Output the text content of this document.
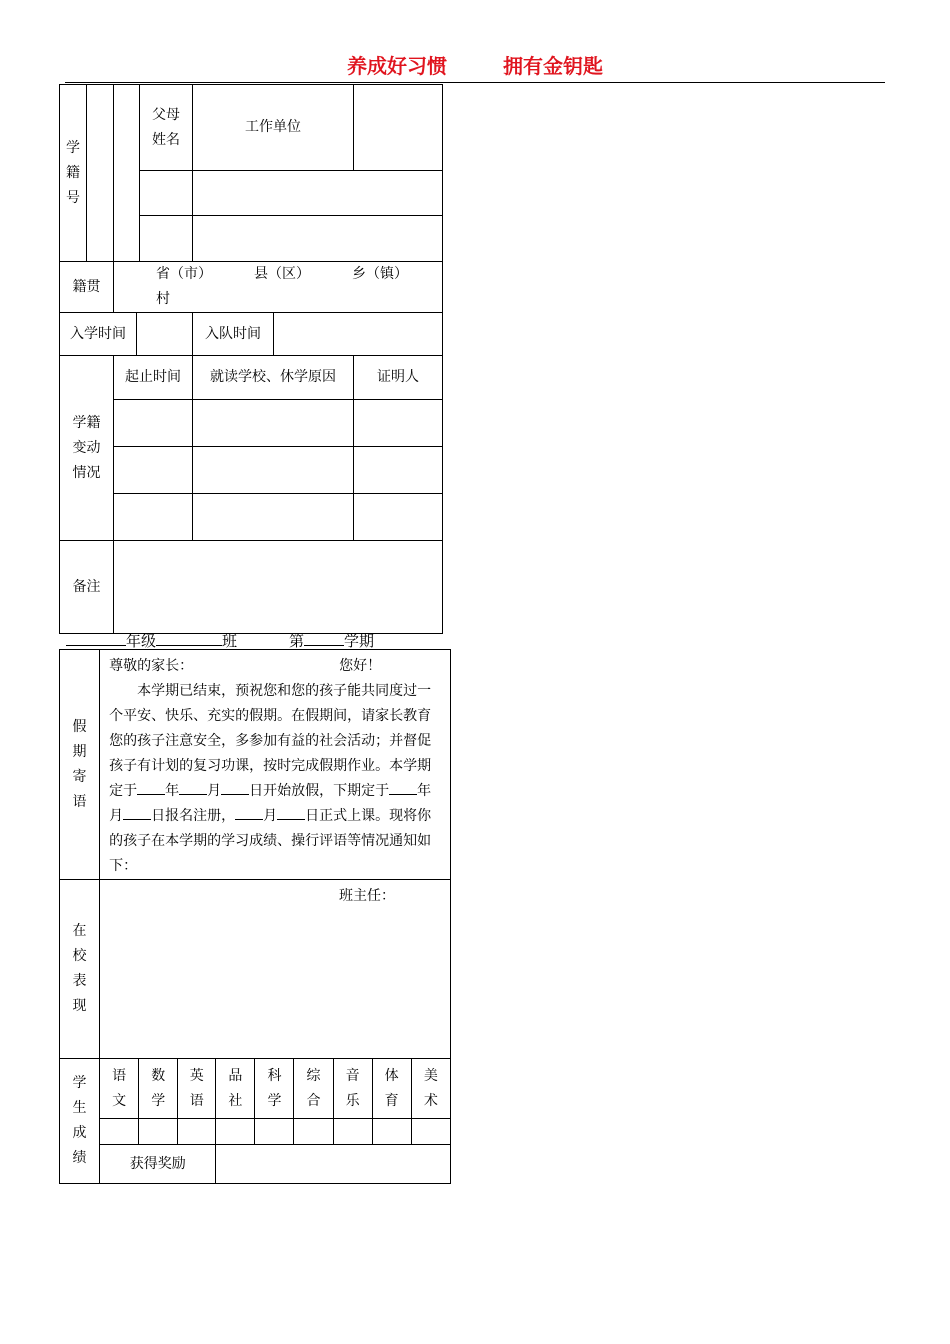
养成好习惯	拥有金钥匙
学籍号				父母姓名	工作单位		

籍贯		省（市） 县（区） 乡（镇）村					
入学时间					入队时间		
学籍变动情况		起止时间			就读学校、休学原因		证明人

备注							
年级	班	第	学期
假期寄语	尊敬的家长： 您好！

本学期已结束，预祝您和您的孩子能共同度过一个平安、快乐、充实的假期。在假期间，请家长教育您的孩子注意安全，多参加有益的社会活动；并督促孩子有计划的复习功课，按时完成假期作业。本学期定于 年 月 日开始放假，下期定于 年月 日报名注册， 月 日正式上课。现将你的孩子在本学期的学习成绩、操行评语等情况通知如下：								

在校表现	班主任：								

学生成绩	语文	数学	英语	品社	科学	综合	音乐	体育	美术

	获得奖励								
